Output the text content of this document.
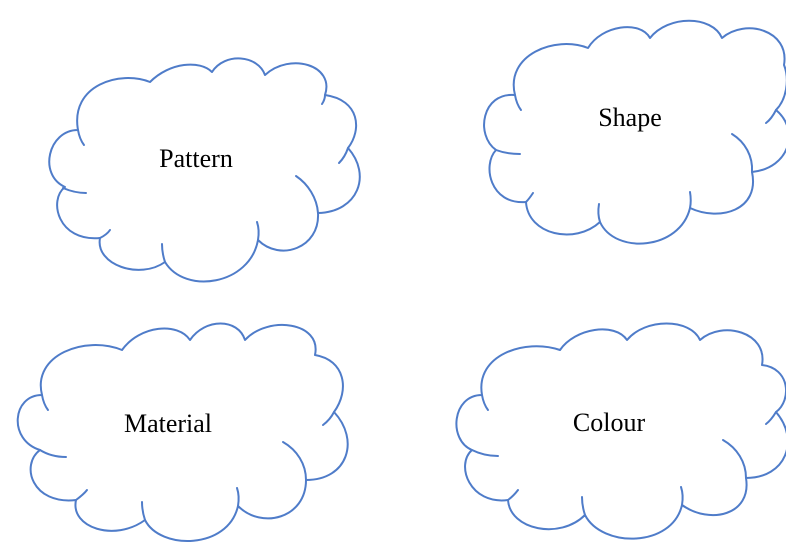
Pattern
Shape
Material	Colour
